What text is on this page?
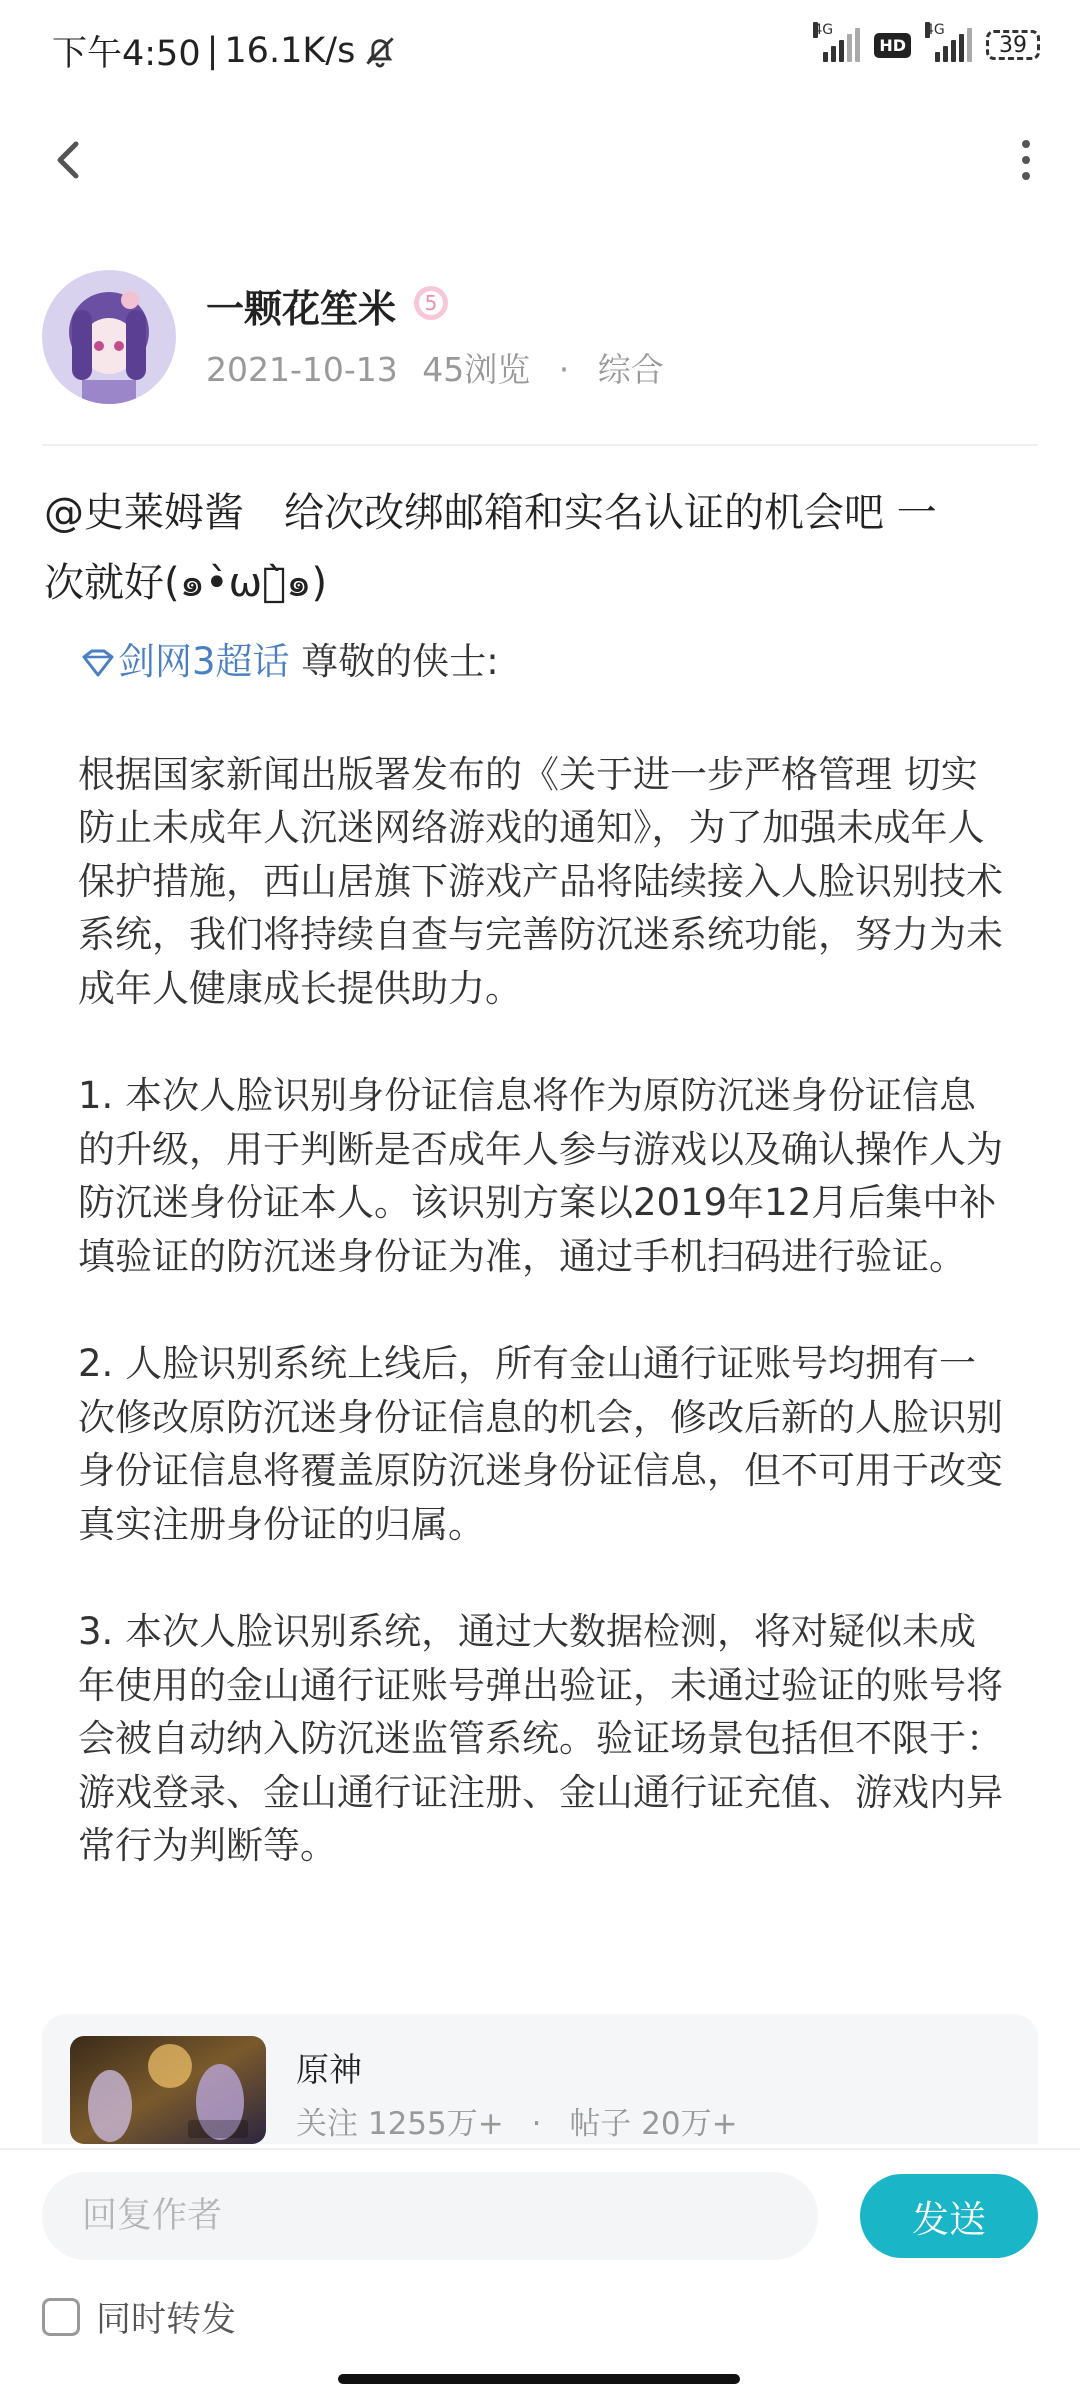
下午4:50 | 16.1K/s
4G
HD
4G
39
一颗花笙米 5
2021-10-13 45浏览 · 综合
@史莱姆酱　给次改绑邮箱和实名认证的机会吧 一
次就好(๑•̀ωก̀๑)
剑网3超话 尊敬的侠士:

根据国家新闻出版署发布的《关于进一步严格管理 切实防止未成年人沉迷网络游戏的通知》，为了加强未成年人保护措施，西山居旗下游戏产品将陆续接入人脸识别技术系统，我们将持续自查与完善防沉迷系统功能，努力为未成年人健康成长提供助力。

1. 本次人脸识别身份证信息将作为原防沉迷身份证信息的升级，用于判断是否成年人参与游戏以及确认操作人为防沉迷身份证本人。该识别方案以2019年12月后集中补填验证的防沉迷身份证为准，通过手机扫码进行验证。

2. 人脸识别系统上线后，所有金山通行证账号均拥有一次修改原防沉迷身份证信息的机会，修改后新的人脸识别身份证信息将覆盖原防沉迷身份证信息，但不可用于改变真实注册身份证的归属。

3. 本次人脸识别系统，通过大数据检测，将对疑似未成年使用的金山通行证账号弹出验证，未通过验证的账号将会被自动纳入防沉迷监管系统。验证场景包括但不限于：游戏登录、金山通行证注册、金山通行证充值、游戏内异常行为判断等。

原神
关注 1255万+ · 帖子 20万+
回复作者
发送
同时转发
